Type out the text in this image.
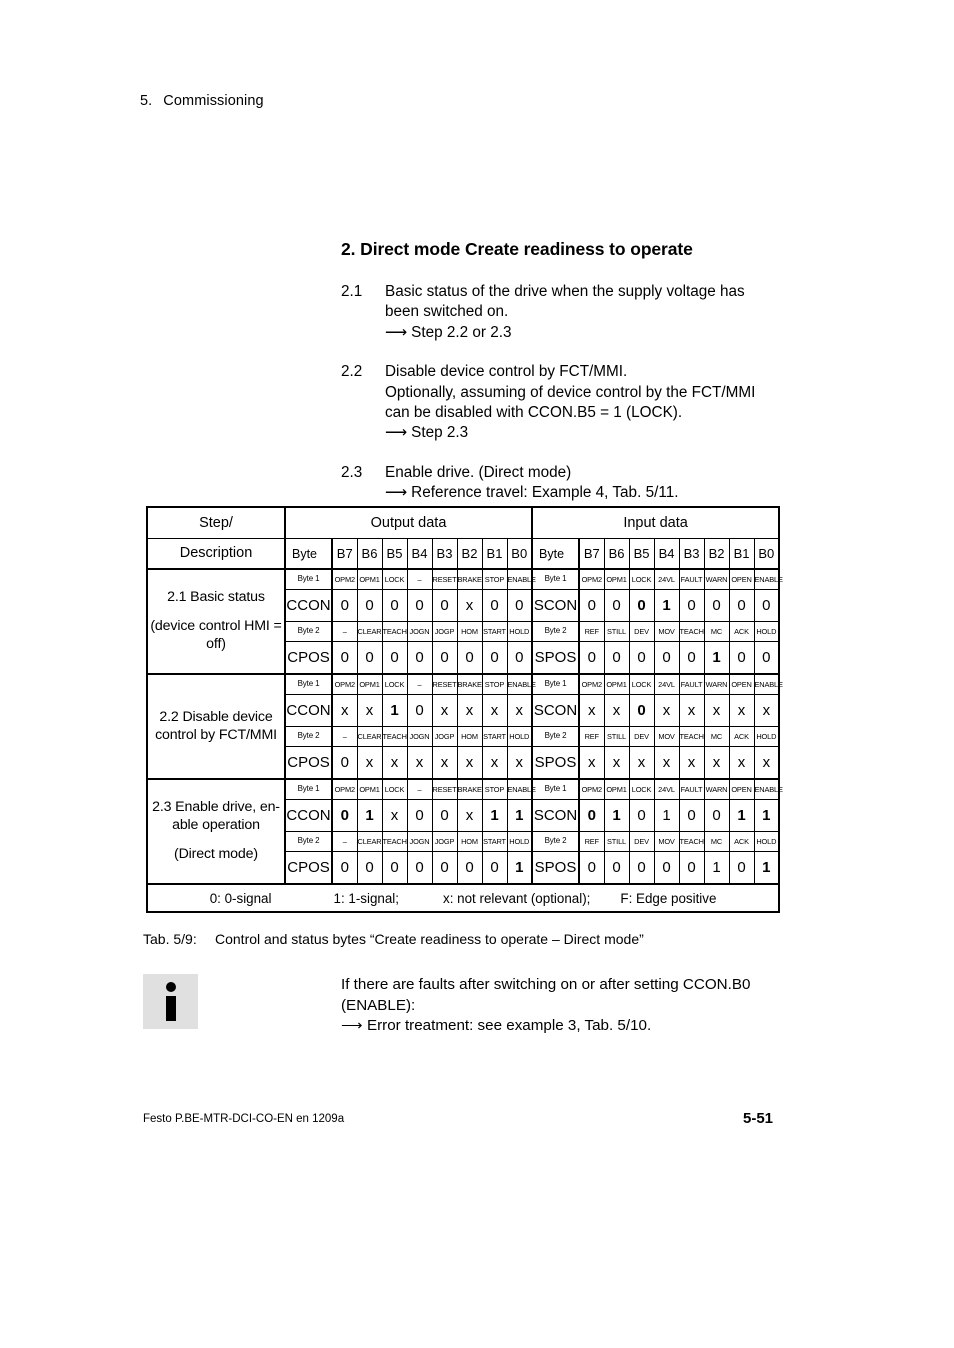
5. Commissioning
2. Direct mode Create readiness to operate
2.1	Basic status of the drive when the supply voltage has
been switched on.
⟶ Step 2.2 or 2.3
2.2	Disable device control by FCT/MMI.
Optionally, assuming of device control by the FCT/MMI
can be disabled with CCON.B5 = 1 (LOCK).
⟶ Step 2.3
2.3	Enable drive. (Direct mode)
⟶ Reference travel: Example 4, Tab. 5/11.
Step/	Output data									Input data								
Description	Byte	B7	B6	B5	B4	B3	B2	B1	B0	Byte	B7	B6	B5	B4	B3	B2	B1	B0

2.1 Basic status
(device control HMI =
off)	Byte 1	OPM2	OPM1	LOCK	–	RESET	BRAKE	STOP	ENABLE	Byte 1	OPM2	OPM1	LOCK	24VL	FAULT	WARN	OPEN	ENABLE
	CCON	0	0	0	0	0	x	0	0	SCON	0	0	0	1	0	0	0	0
	Byte 2	–	CLEAR	TEACH	JOGN	JOGP	HOM	START	HOLD	Byte 2	REF	STILL	DEV	MOV	TEACH	MC	ACK	HOLD
	CPOS	0	0	0	0	0	0	0	0	SPOS	0	0	0	0	0	1	0	0

2.2 Disable device
control by FCT/MMI	Byte 1	OPM2	OPM1	LOCK	–	RESET	BRAKE	STOP	ENABLE	Byte 1	OPM2	OPM1	LOCK	24VL	FAULT	WARN	OPEN	ENABLE
	CCON	x	x	1	0	x	x	x	x	SCON	x	x	0	x	x	x	x	x
	Byte 2	–	CLEAR	TEACH	JOGN	JOGP	HOM	START	HOLD	Byte 2	REF	STILL	DEV	MOV	TEACH	MC	ACK	HOLD
	CPOS	0	x	x	x	x	x	x	x	SPOS	x	x	x	x	x	x	x	x

2.3 Enable drive, en-
able operation
(Direct mode)	Byte 1	OPM2	OPM1	LOCK	–	RESET	BRAKE	STOP	ENABLE	Byte 1	OPM2	OPM1	LOCK	24VL	FAULT	WARN	OPEN	ENABLE
	CCON	0	1	x	0	0	x	1	1	SCON	0	1	0	1	0	0	1	1
	Byte 2	–	CLEAR	TEACH	JOGN	JOGP	HOM	START	HOLD	Byte 2	REF	STILL	DEV	MOV	TEACH	MC	ACK	HOLD
	CPOS	0	0	0	0	0	0	0	1	SPOS	0	0	0	0	0	1	0	1
0: 0-signal 1: 1-signal; x: not relevant (optional); F: Edge positive																		
Tab. 5/9: Control and status bytes “Create readiness to operate – Direct mode”
If there are faults after switching on or after setting CCON.B0
(ENABLE):
⟶ Error treatment: see example 3, Tab. 5/10.
Festo P.BE-MTR-DCI-CO-EN en 1209a	5-51
